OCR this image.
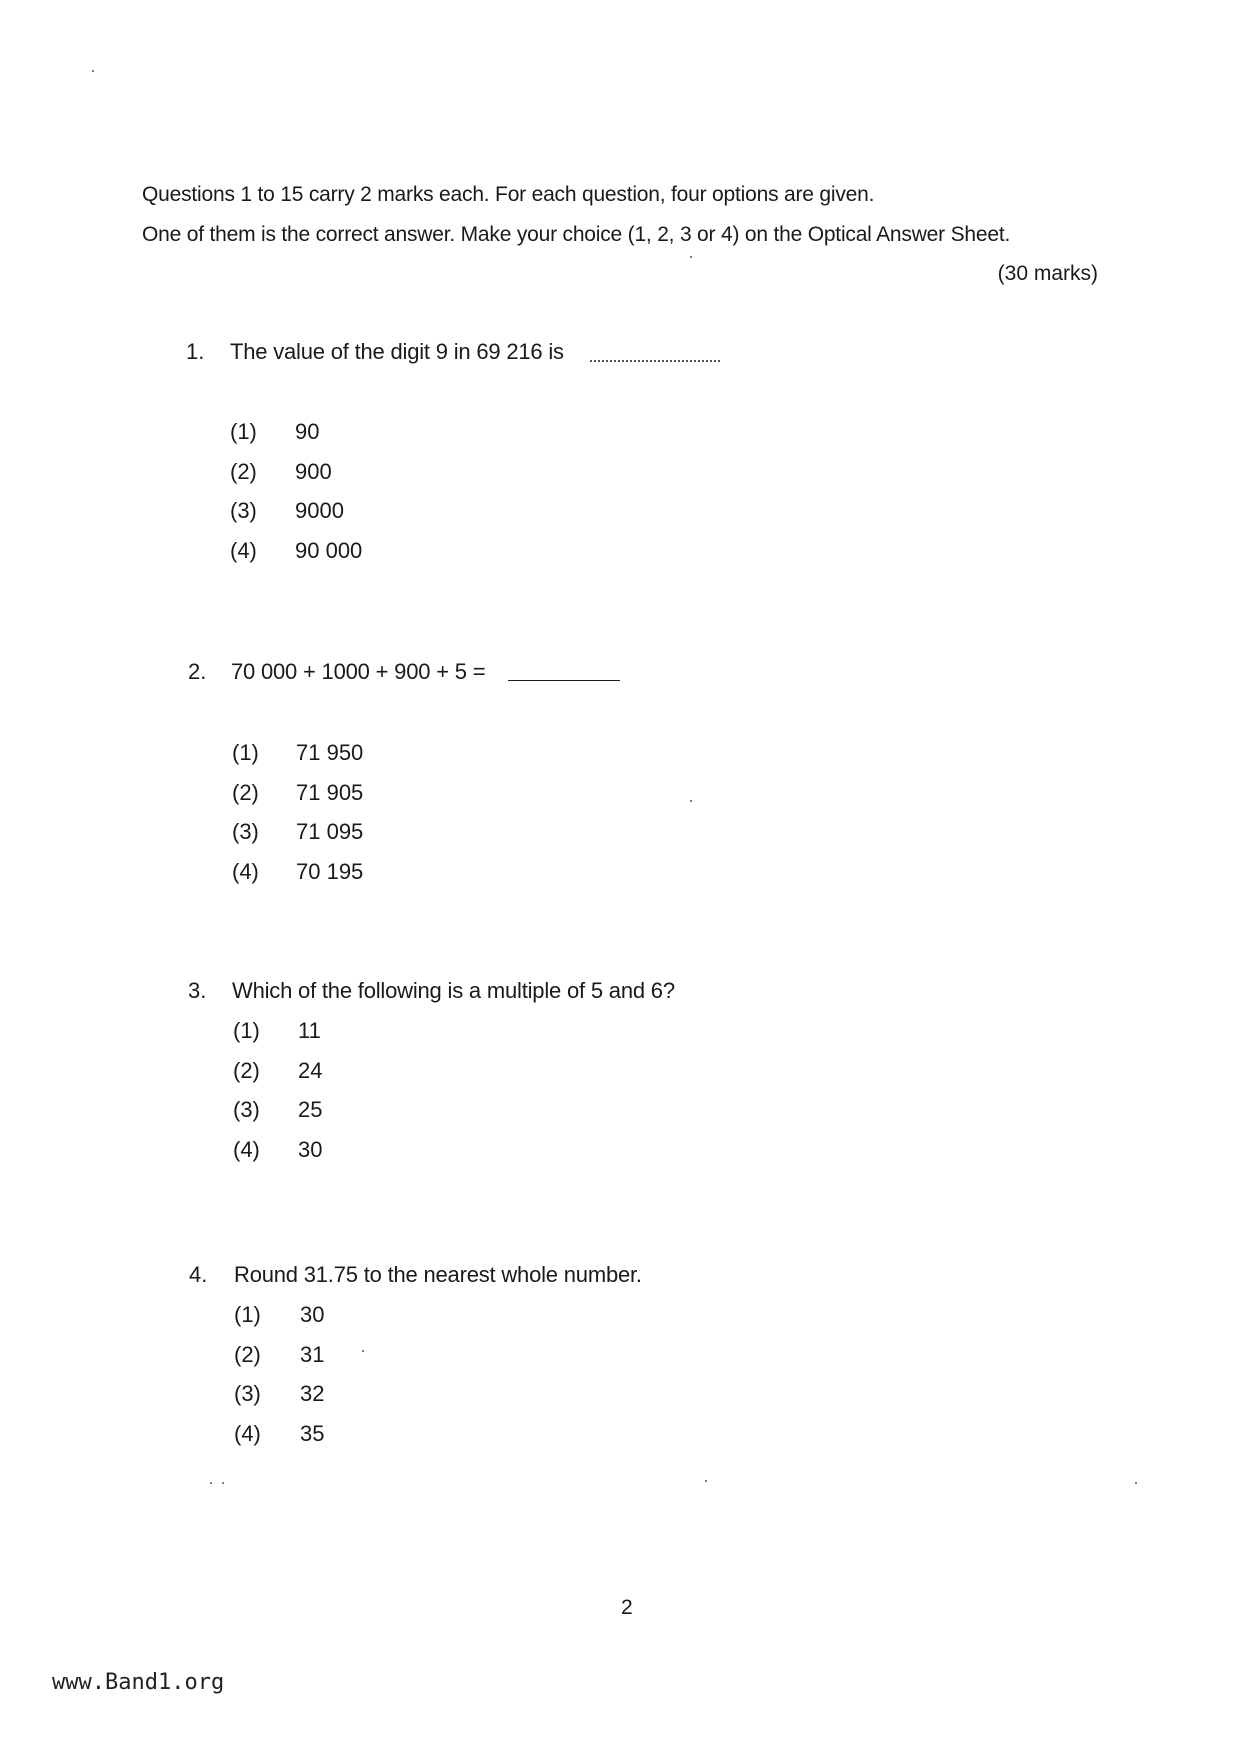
Questions 1 to 15 carry 2 marks each. For each question, four options are given.
One of them is the correct answer. Make your choice (1, 2, 3 or 4) on the Optical Answer Sheet.
(30 marks)
1. The value of the digit 9 in 69 216 is
(1) 90
(2) 900
(3) 9000
(4) 90 000
2. 70 000 + 1000 + 900 + 5 =
(1) 71 950
(2) 71 905
(3) 71 095
(4) 70 195
3. Which of the following is a multiple of 5 and 6?
(1) 11
(2) 24
(3) 25
(4) 30
4. Round 31.75 to the nearest whole number.
(1) 30
(2) 31
(3) 32
(4) 35
2
www.Band1.org
